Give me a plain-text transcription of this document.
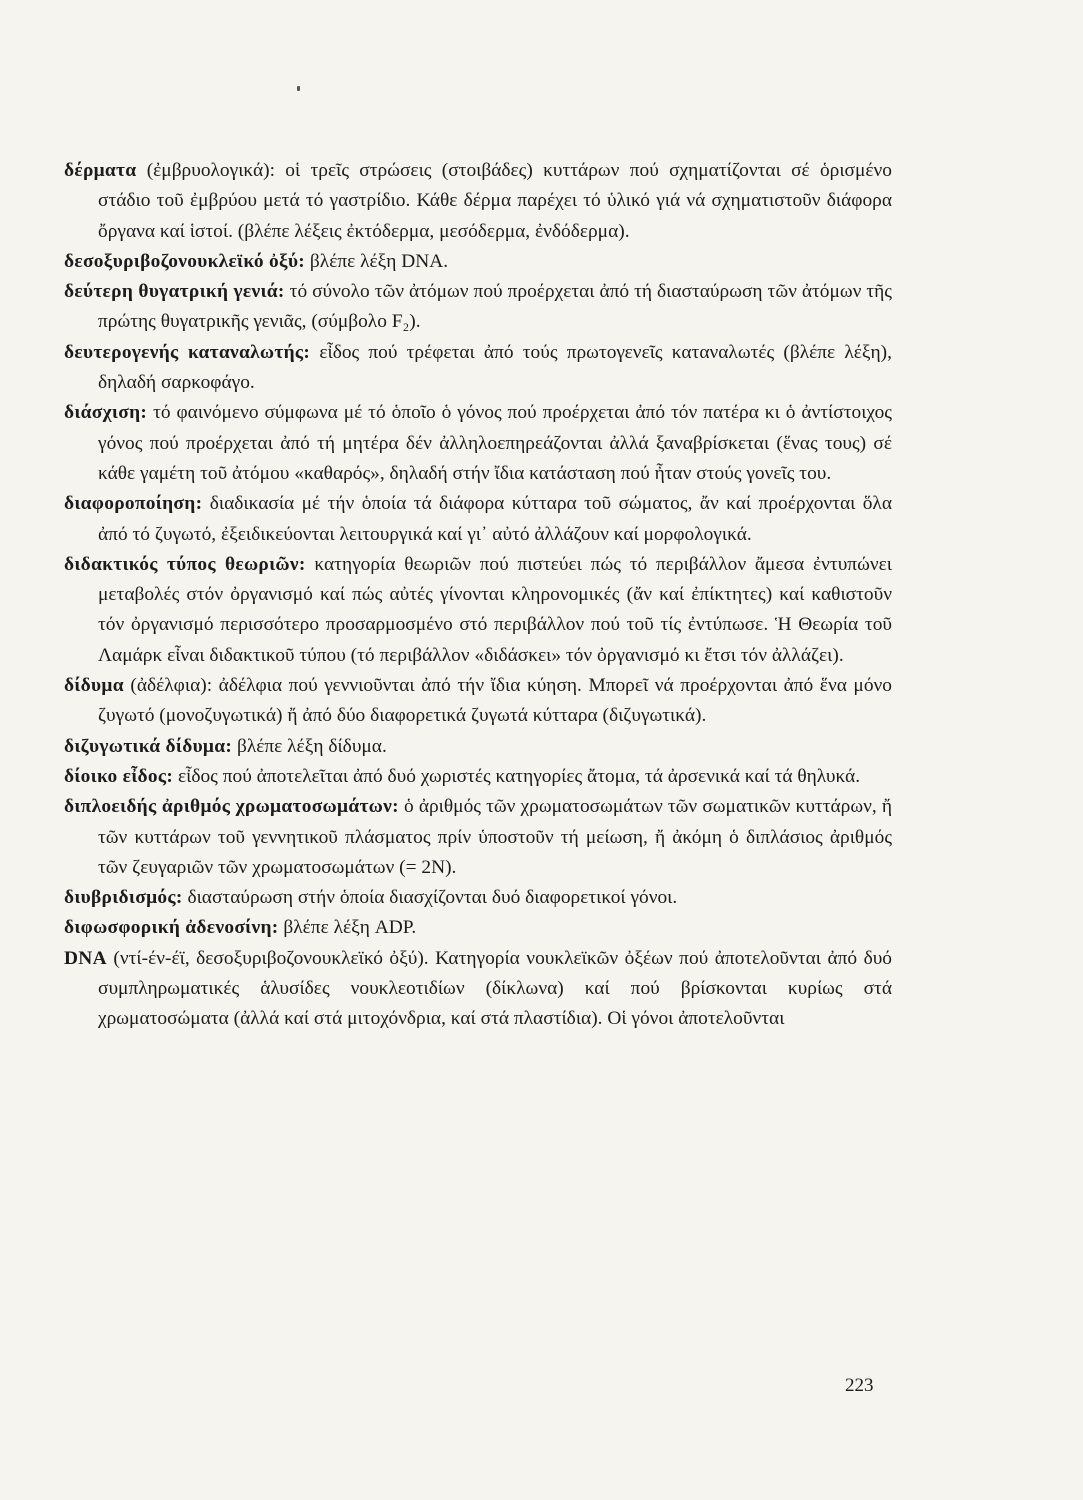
δέρματα (ἐμβρυολογικά): οἱ τρεῖς στρώσεις (στοιβάδες) κυττάρων πού σχηματίζονται σέ ὁρισμένο στάδιο τοῦ ἐμβρύου μετά τό γαστρίδιο. Κάθε δέρμα παρέχει τό ὑλικό γιά νά σχηματιστοῦν διάφορα ὄργανα καί ἱστοί. (βλέπε λέξεις ἐκτόδερμα, μεσόδερμα, ἐνδόδερμα).

δεσοξυριβοζονουκλεϊκό ὀξύ: βλέπε λέξη DNA.

δεύτερη θυγατρική γενιά: τό σύνολο τῶν ἀτόμων πού προέρχεται ἀπό τή διασταύρωση τῶν ἀτόμων τῆς πρώτης θυγατρικῆς γενιᾶς, (σύμβολο F₂).

δευτερογενής καταναλωτής: εἶδος πού τρέφεται ἀπό τούς πρωτογενεῖς καταναλωτές (βλέπε λέξη), δηλαδή σαρκοφάγο.

διάσχιση: τό φαινόμενο σύμφωνα μέ τό ὁποῖο ὁ γόνος πού προέρχεται ἀπό τόν πατέρα κι ὁ ἀντίστοιχος γόνος πού προέρχεται ἀπό τή μητέρα δέν ἀλληλοεπηρεάζονται ἀλλά ξαναβρίσκεται (ἕνας τους) σέ κάθε γαμέτη τοῦ ἀτόμου «καθαρός», δηλαδή στήν ἴδια κατάσταση πού ἦταν στούς γονεῖς του.

διαφοροποίηση: διαδικασία μέ τήν ὁποία τά διάφορα κύτταρα τοῦ σώματος, ἄν καί προέρχονται ὅλα ἀπό τό ζυγωτό, ἐξειδικεύονται λειτουργικά καί γι᾽ αὐτό ἀλλάζουν καί μορφολογικά.

διδακτικός τύπος θεωριῶν: κατηγορία θεωριῶν πού πιστεύει πώς τό περιβάλλον ἄμεσα ἐντυπώνει μεταβολές στόν ὀργανισμό καί πώς αὐτές γίνονται κληρονομικές (ἄν καί ἐπίκτητες) καί καθιστοῦν τόν ὀργανισμό περισσότερο προσαρμοσμένο στό περιβάλλον πού τοῦ τίς ἐντύπωσε. Ἡ Θεωρία τοῦ Λαμάρκ εἶναι διδακτικοῦ τύπου (τό περιβάλλον «διδάσκει» τόν ὀργανισμό κι ἔτσι τόν ἀλλάζει).

δίδυμα (ἀδέλφια): ἀδέλφια πού γεννιοῦνται ἀπό τήν ἴδια κύηση. Μπορεῖ νά προέρχονται ἀπό ἕνα μόνο ζυγωτό (μονοζυγωτικά) ἤ ἀπό δύο διαφορετικά ζυγωτά κύτταρα (διζυγωτικά).

διζυγωτικά δίδυμα: βλέπε λέξη δίδυμα.

δίοικο εἶδος: εἶδος πού ἀποτελεῖται ἀπό δυό χωριστές κατηγορίες ἄτομα, τά ἀρσενικά καί τά θηλυκά.

διπλοειδής ἀριθμός χρωματοσωμάτων: ὁ ἀριθμός τῶν χρωματοσωμάτων τῶν σωματικῶν κυττάρων, ἤ τῶν κυττάρων τοῦ γεννητικοῦ πλάσματος πρίν ὑποστοῦν τή μείωση, ἤ ἀκόμη ὁ διπλάσιος ἀριθμός τῶν ζευγαριῶν τῶν χρωματοσωμάτων (= 2N).

διυβριδισμός: διασταύρωση στήν ὁποία διασχίζονται δυό διαφορετικοί γόνοι.

διφωσφορική ἀδενοσίνη: βλέπε λέξη ADP.

DNA (ντί-έν-έϊ, δεσοξυριβοζονουκλεϊκό ὀξύ). Κατηγορία νουκλεϊκῶν ὀξέων πού ἀποτελοῦνται ἀπό δυό συμπληρωματικές ἁλυσίδες νουκλεοτιδίων (δίκλωνα) καί πού βρίσκονται κυρίως στά χρωματοσώματα (ἀλλά καί στά μιτοχόνδρια, καί στά πλαστίδια). Οἱ γόνοι ἀποτελοῦνται

223
